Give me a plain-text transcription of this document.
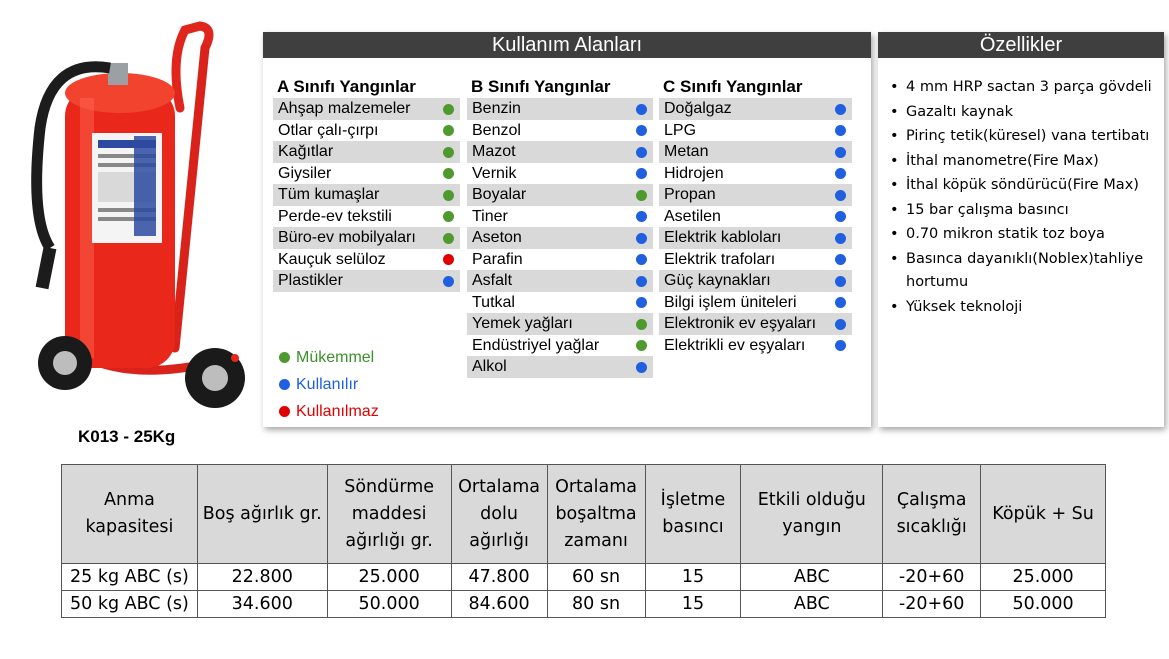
K013 - 25Kg
Kullanım Alanları
A Sınıfı Yangınlar
Ahşap malzemeler
Otlar çalı-çırpı
Kağıtlar
Giysiler
Tüm kumaşlar
Perde-ev tekstili
Büro-ev mobilyaları
Kauçuk selüloz
Plastikler
B Sınıfı Yangınlar
Benzin
Benzol
Mazot
Vernik
Boyalar
Tiner
Aseton
Parafin
Asfalt
Tutkal
Yemek yağları
Endüstriyel yağlar
Alkol
C Sınıfı Yangınlar
Doğalgaz
LPG
Metan
Hidrojen
Propan
Asetilen
Elektrik kabloları
Elektrik trafoları
Güç kaynakları
Bilgi işlem üniteleri
Elektronik ev eşyaları
Elektrikli ev eşyaları
Mükemmel
Kullanılır
Kullanılmaz
Özellikler
• 4 mm HRP sactan 3 parça gövdeli
• Gazaltı kaynak
• Pirinç tetik(küresel) vana tertibatı
• İthal manometre(Fire Max)
• İthal köpük söndürücü(Fire Max)
• 15 bar çalışma basıncı
• 0.70 mikron statik toz boya
• Basınca dayanıklı(Noblex)tahliye hortumu
• Yüksek teknoloji
Anma kapasitesi	Boş ağırlık gr.	Söndürme maddesi ağırlığı gr.	Ortalama dolu ağırlığı	Ortalama boşaltma zamanı	İşletme basıncı	Etkili olduğu yangın	Çalışma sıcaklığı	Köpük + Su
25 kg ABC (s)	22.800	25.000	47.800	60 sn	15	ABC	-20+60	25.000
50 kg ABC (s)	34.600	50.000	84.600	80 sn	15	ABC	-20+60	50.000
